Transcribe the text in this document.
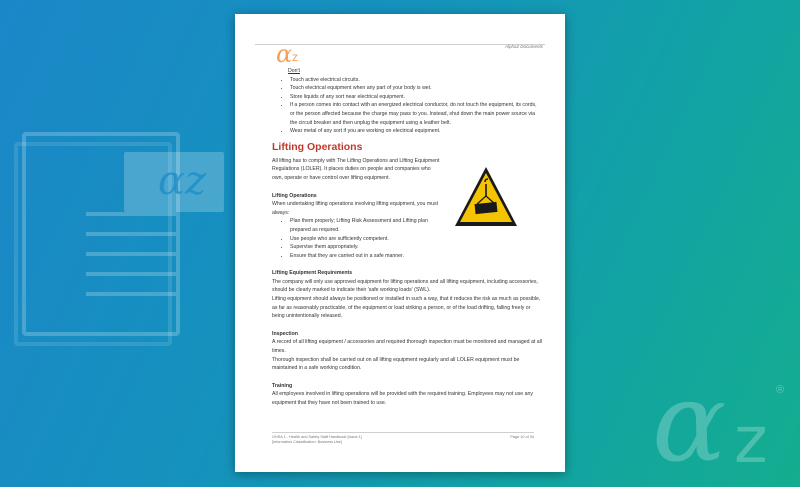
αz
α z
®
α z
Alpha2 Documents
Don't
• Touch active electrical circuits.
• Touch electrical equipment when any part of your body is wet.
• Store liquids of any sort near electrical equipment.
• If a person comes into contact with an energized electrical conductor, do not touch the equipment, its cords, or the person affected because the charge may pass to you. Instead, shut down the main power source via the circuit breaker and then unplug the equipment using a leather belt.
• Wear metal of any sort if you are working on electrical equipment.
Lifting Operations

All lifting has to comply with The Lifting Operations and Lifting Equipment Regulations (LOLER). It places duties on people and companies who own, operate or have control over lifting equipment.

Lifting Operations

When undertaking lifting operations involving lifting equipment, you must always:

• Plan them properly; Lifting Risk Assessment and Lifting plan prepared as required.
• Use people who are sufficiently competent.
• Supervise them appropriately.
• Ensure that they are carried out in a safe manner.

Lifting Equipment Requirements

The company will only use approved equipment for lifting operations and all lifting equipment, including accessories, should be clearly marked to indicate their 'safe working loads' (SWL).

Lifting equipment should always be positioned or installed in such a way, that it reduces the risk as much as possible, as far as reasonably practicable, of the equipment or load striking a person, or of the load drifting, falling freely or being unintentionally released.

Inspection

A record of all lifting equipment / accessories and required thorough inspection must be monitored and managed at all times.

Thorough inspection shall be carried out on all lifting equipment regularly and all LOLER equipment must be maintained in a safe working condition.

Training

All employees involved in lifting operations will be provided with the required training. Employees may not use any equipment that they have not been trained to use.

OHSA 1 - Health and Safety Staff Handbook [Issue 1]
[Information Classification: Business Use]
Page 10 of 34
